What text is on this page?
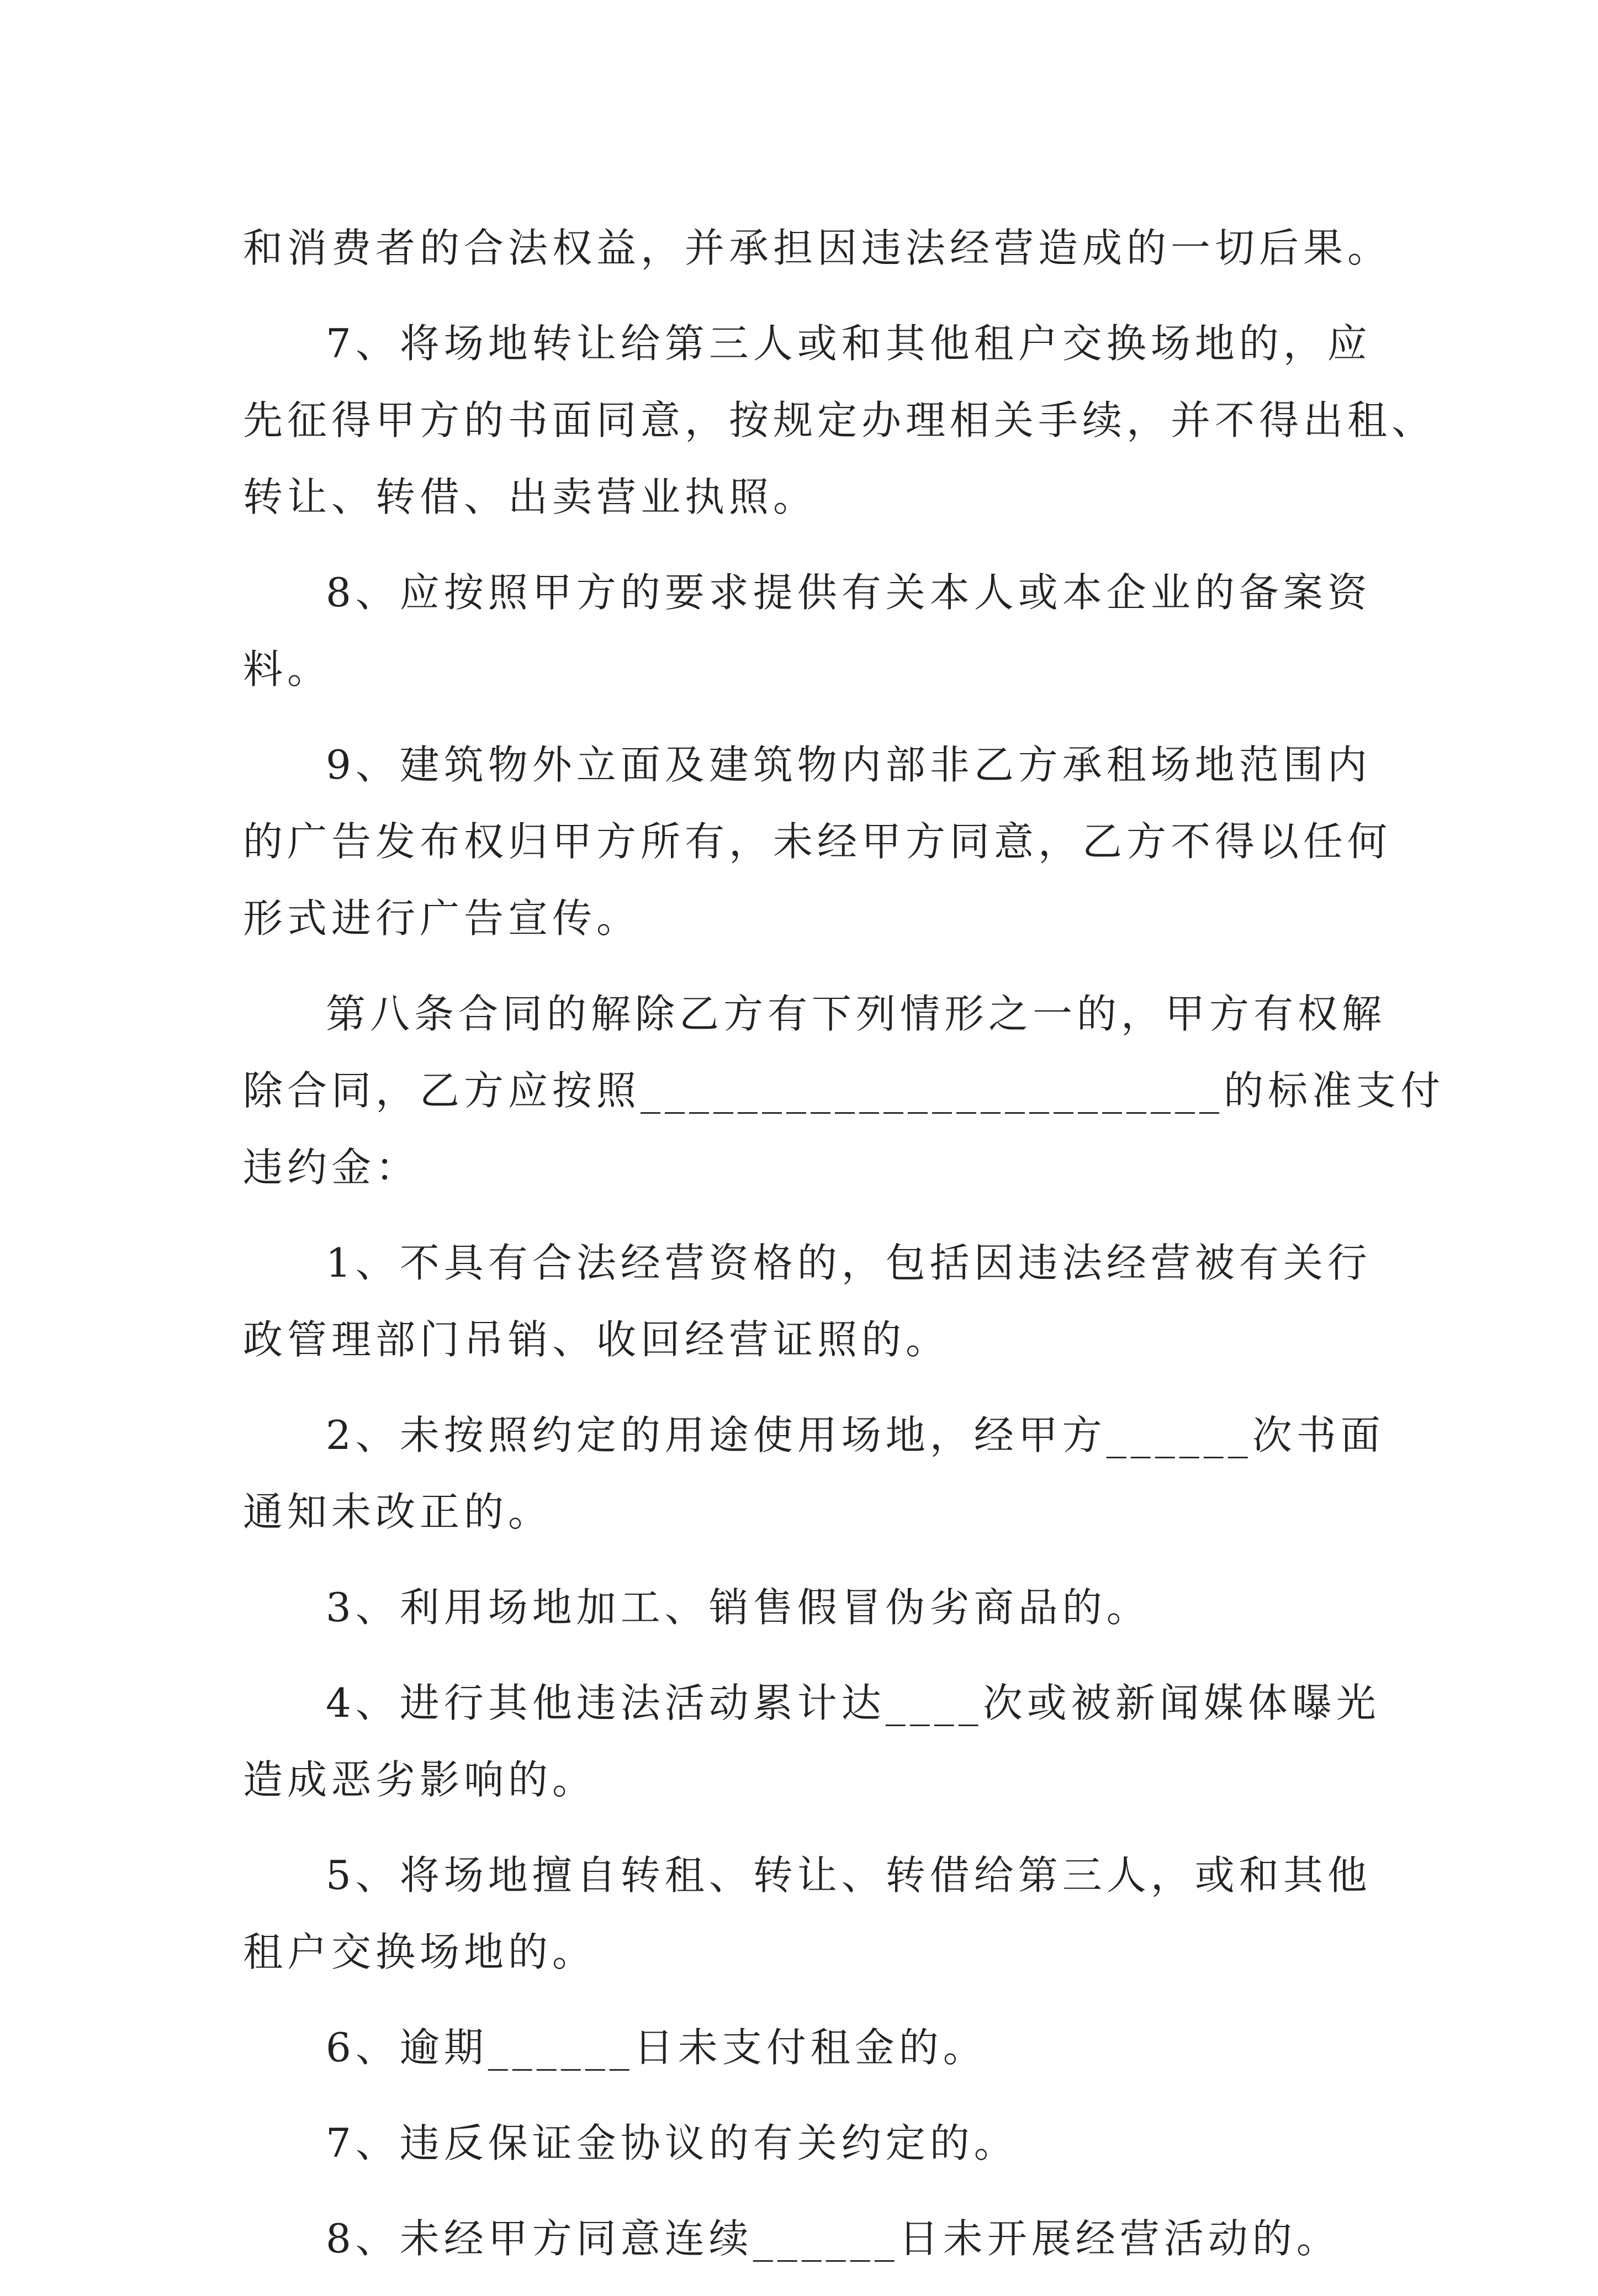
和消费者的合法权益，并承担因违法经营造成的一切后果。
7、将场地转让给第三人或和其他租户交换场地的，应
先征得甲方的书面同意，按规定办理相关手续，并不得出租、
转让、转借、出卖营业执照。
8、应按照甲方的要求提供有关本人或本企业的备案资
料。
9、建筑物外立面及建筑物内部非乙方承租场地范围内
的广告发布权归甲方所有，未经甲方同意，乙方不得以任何
形式进行广告宣传。
第八条合同的解除乙方有下列情形之一的，甲方有权解
除合同，乙方应按照________________________的标准支付
违约金：
1、不具有合法经营资格的，包括因违法经营被有关行
政管理部门吊销、收回经营证照的。
2、未按照约定的用途使用场地，经甲方______次书面
通知未改正的。
3、利用场地加工、销售假冒伪劣商品的。
4、进行其他违法活动累计达____次或被新闻媒体曝光
造成恶劣影响的。
5、将场地擅自转租、转让、转借给第三人，或和其他
租户交换场地的。
6、逾期______日未支付租金的。
7、违反保证金协议的有关约定的。
8、未经甲方同意连续______日未开展经营活动的。
